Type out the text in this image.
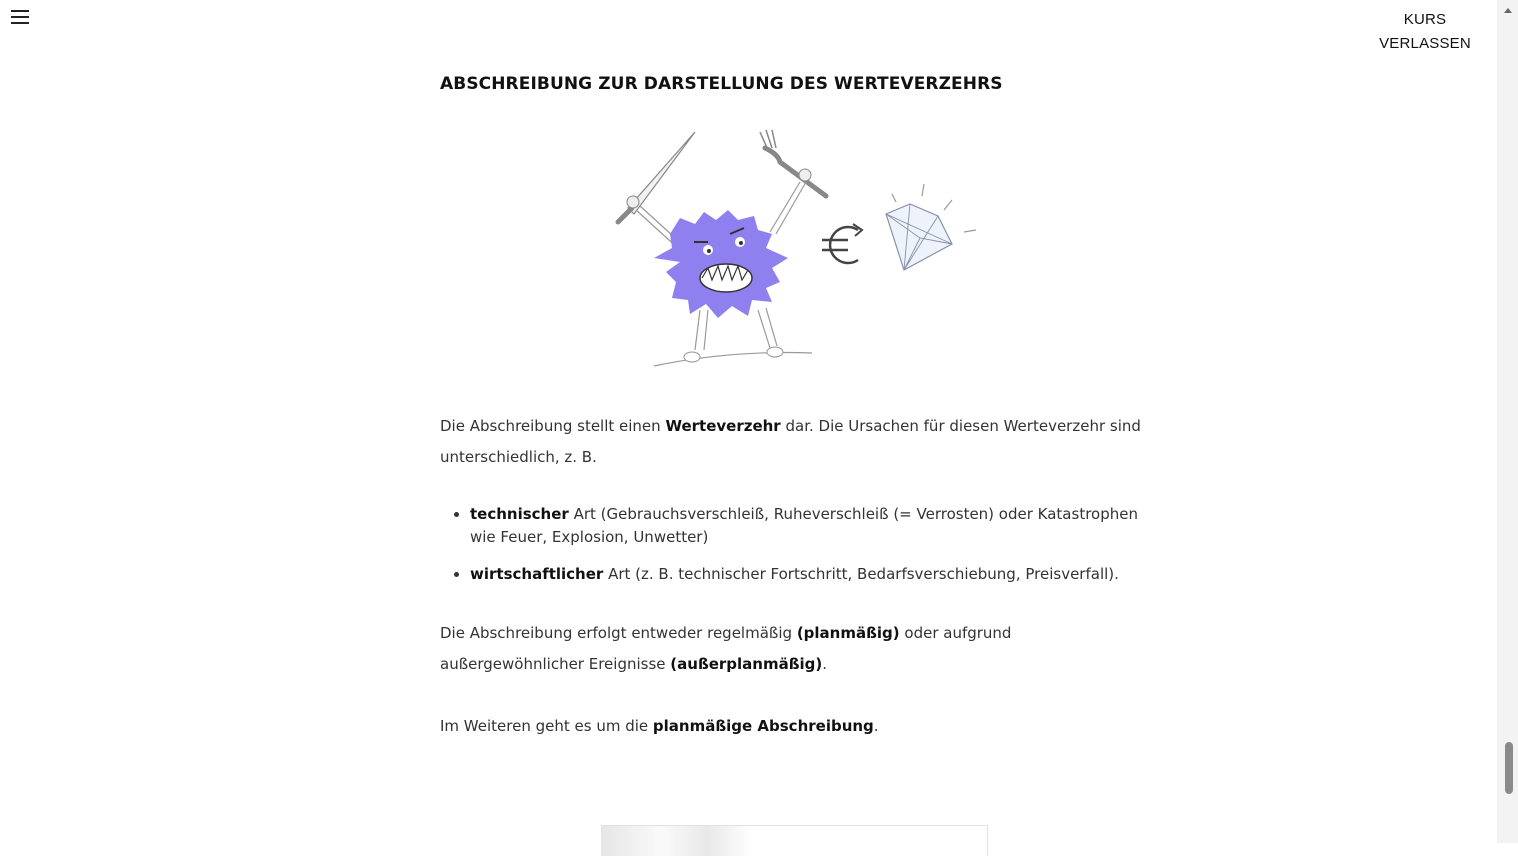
KURS
VERLASSEN
ABSCHREIBUNG ZUR DARSTELLUNG DES WERTEVERZEHRS

Die Abschreibung stellt einen Werteverzehr dar. Die Ursachen für diesen Werteverzehr sind unterschiedlich, z. B.

• technischer Art (Gebrauchsverschleiß, Ruheverschleiß (= Verrosten) oder Katastrophen wie Feuer, Explosion, Unwetter)
• wirtschaftlicher Art (z. B. technischer Fortschritt, Bedarfsverschiebung, Preisverfall).

Die Abschreibung erfolgt entweder regelmäßig (planmäßig) oder aufgrund außergewöhnlicher Ereignisse (außerplanmäßig).

Im Weiteren geht es um die planmäßige Abschreibung.
